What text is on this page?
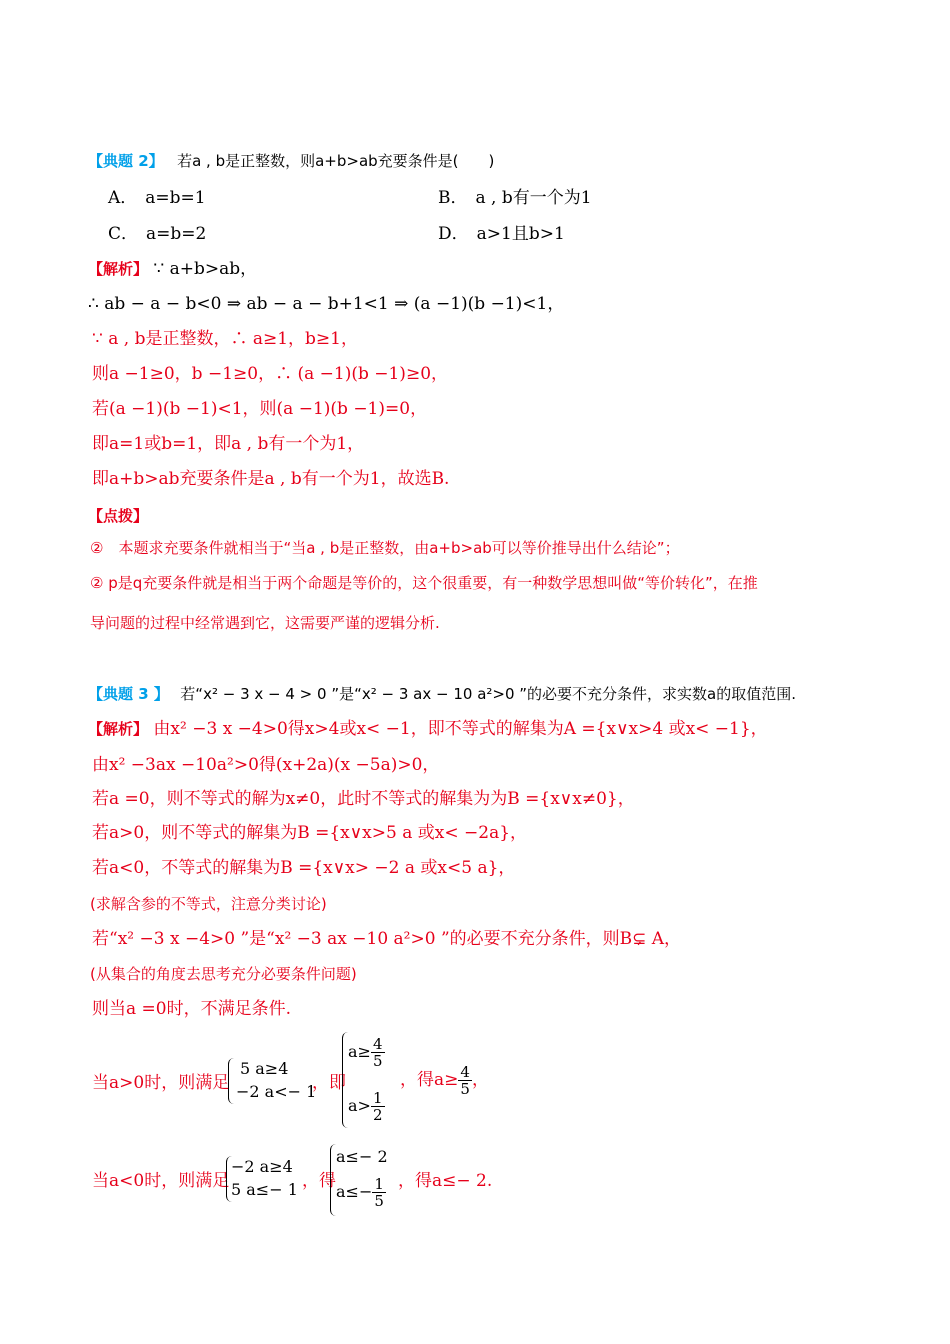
【典题 2】 若a , b是正整数，则a+b>ab充要条件是(　　)
A． a=b=1	B． a , b有一个为1
C． a=b=2	D． a>1且b>1
【解析】 ∵ a+b>ab，
∴ ab − a − b<0 ⇒ ab − a − b+1<1 ⇒ (a −1)(b −1)<1，
∵ a , b是正整数，∴ a≥1，b≥1，
则a −1≥0，b −1≥0，∴ (a −1)(b −1)≥0，
若(a −1)(b −1)<1，则(a −1)(b −1)=0，
即a=1或b=1，即a , b有一个为1，
即a+b>ab充要条件是a , b有一个为1，故选B.
【点拨】
②　本题求充要条件就相当于“当a , b是正整数，由a+b>ab可以等价推导出什么结论”；
② p是q充要条件就是相当于两个命题是等价的，这个很重要，有一种数学思想叫做“等价转化”，在推
导问题的过程中经常遇到它，这需要严谨的逻辑分析.
【典题 3 】 若“x² − 3 x − 4 > 0 ”是“x² − 3 ax − 10 a²>0 ”的必要不充分条件，求实数a的取值范围.
【解析】 由x² −3 x −4>0得x>4或x< −1，即不等式的解集为A ={x∨x>4 或x< −1}，
由x² −3ax −10a²>0得(x+2a)(x −5a)>0，
若a =0，则不等式的解为x≠0，此时不等式的解集为为B ={x∨x≠0}，
若a>0，则不等式的解集为B ={x∨x>5 a 或x< −2a}，
若a<0，不等式的解集为B ={x∨x> −2 a 或x<5 a}，
(求解含参的不等式，注意分类讨论)
若“x² −3 x −4>0 ”是“x² −3 ax −10 a²>0 ”的必要不充分条件，则B⊊ A，
(从集合的角度去思考充分必要条件问题)
则当a =0时，不满足条件.
当a>0时，则满足
5 a≥4
−2 a<− 1
，即
$a\ge \frac{4}{5}$
$a> \frac{1}{2}$
，得$a\ge \frac{4}{5}$ ，
当a<0时，则满足
−2 a≥4
5 a≤− 1 ，得
a≤− 2
$a\le- \frac{1}{5}$ ，得a≤− 2.
